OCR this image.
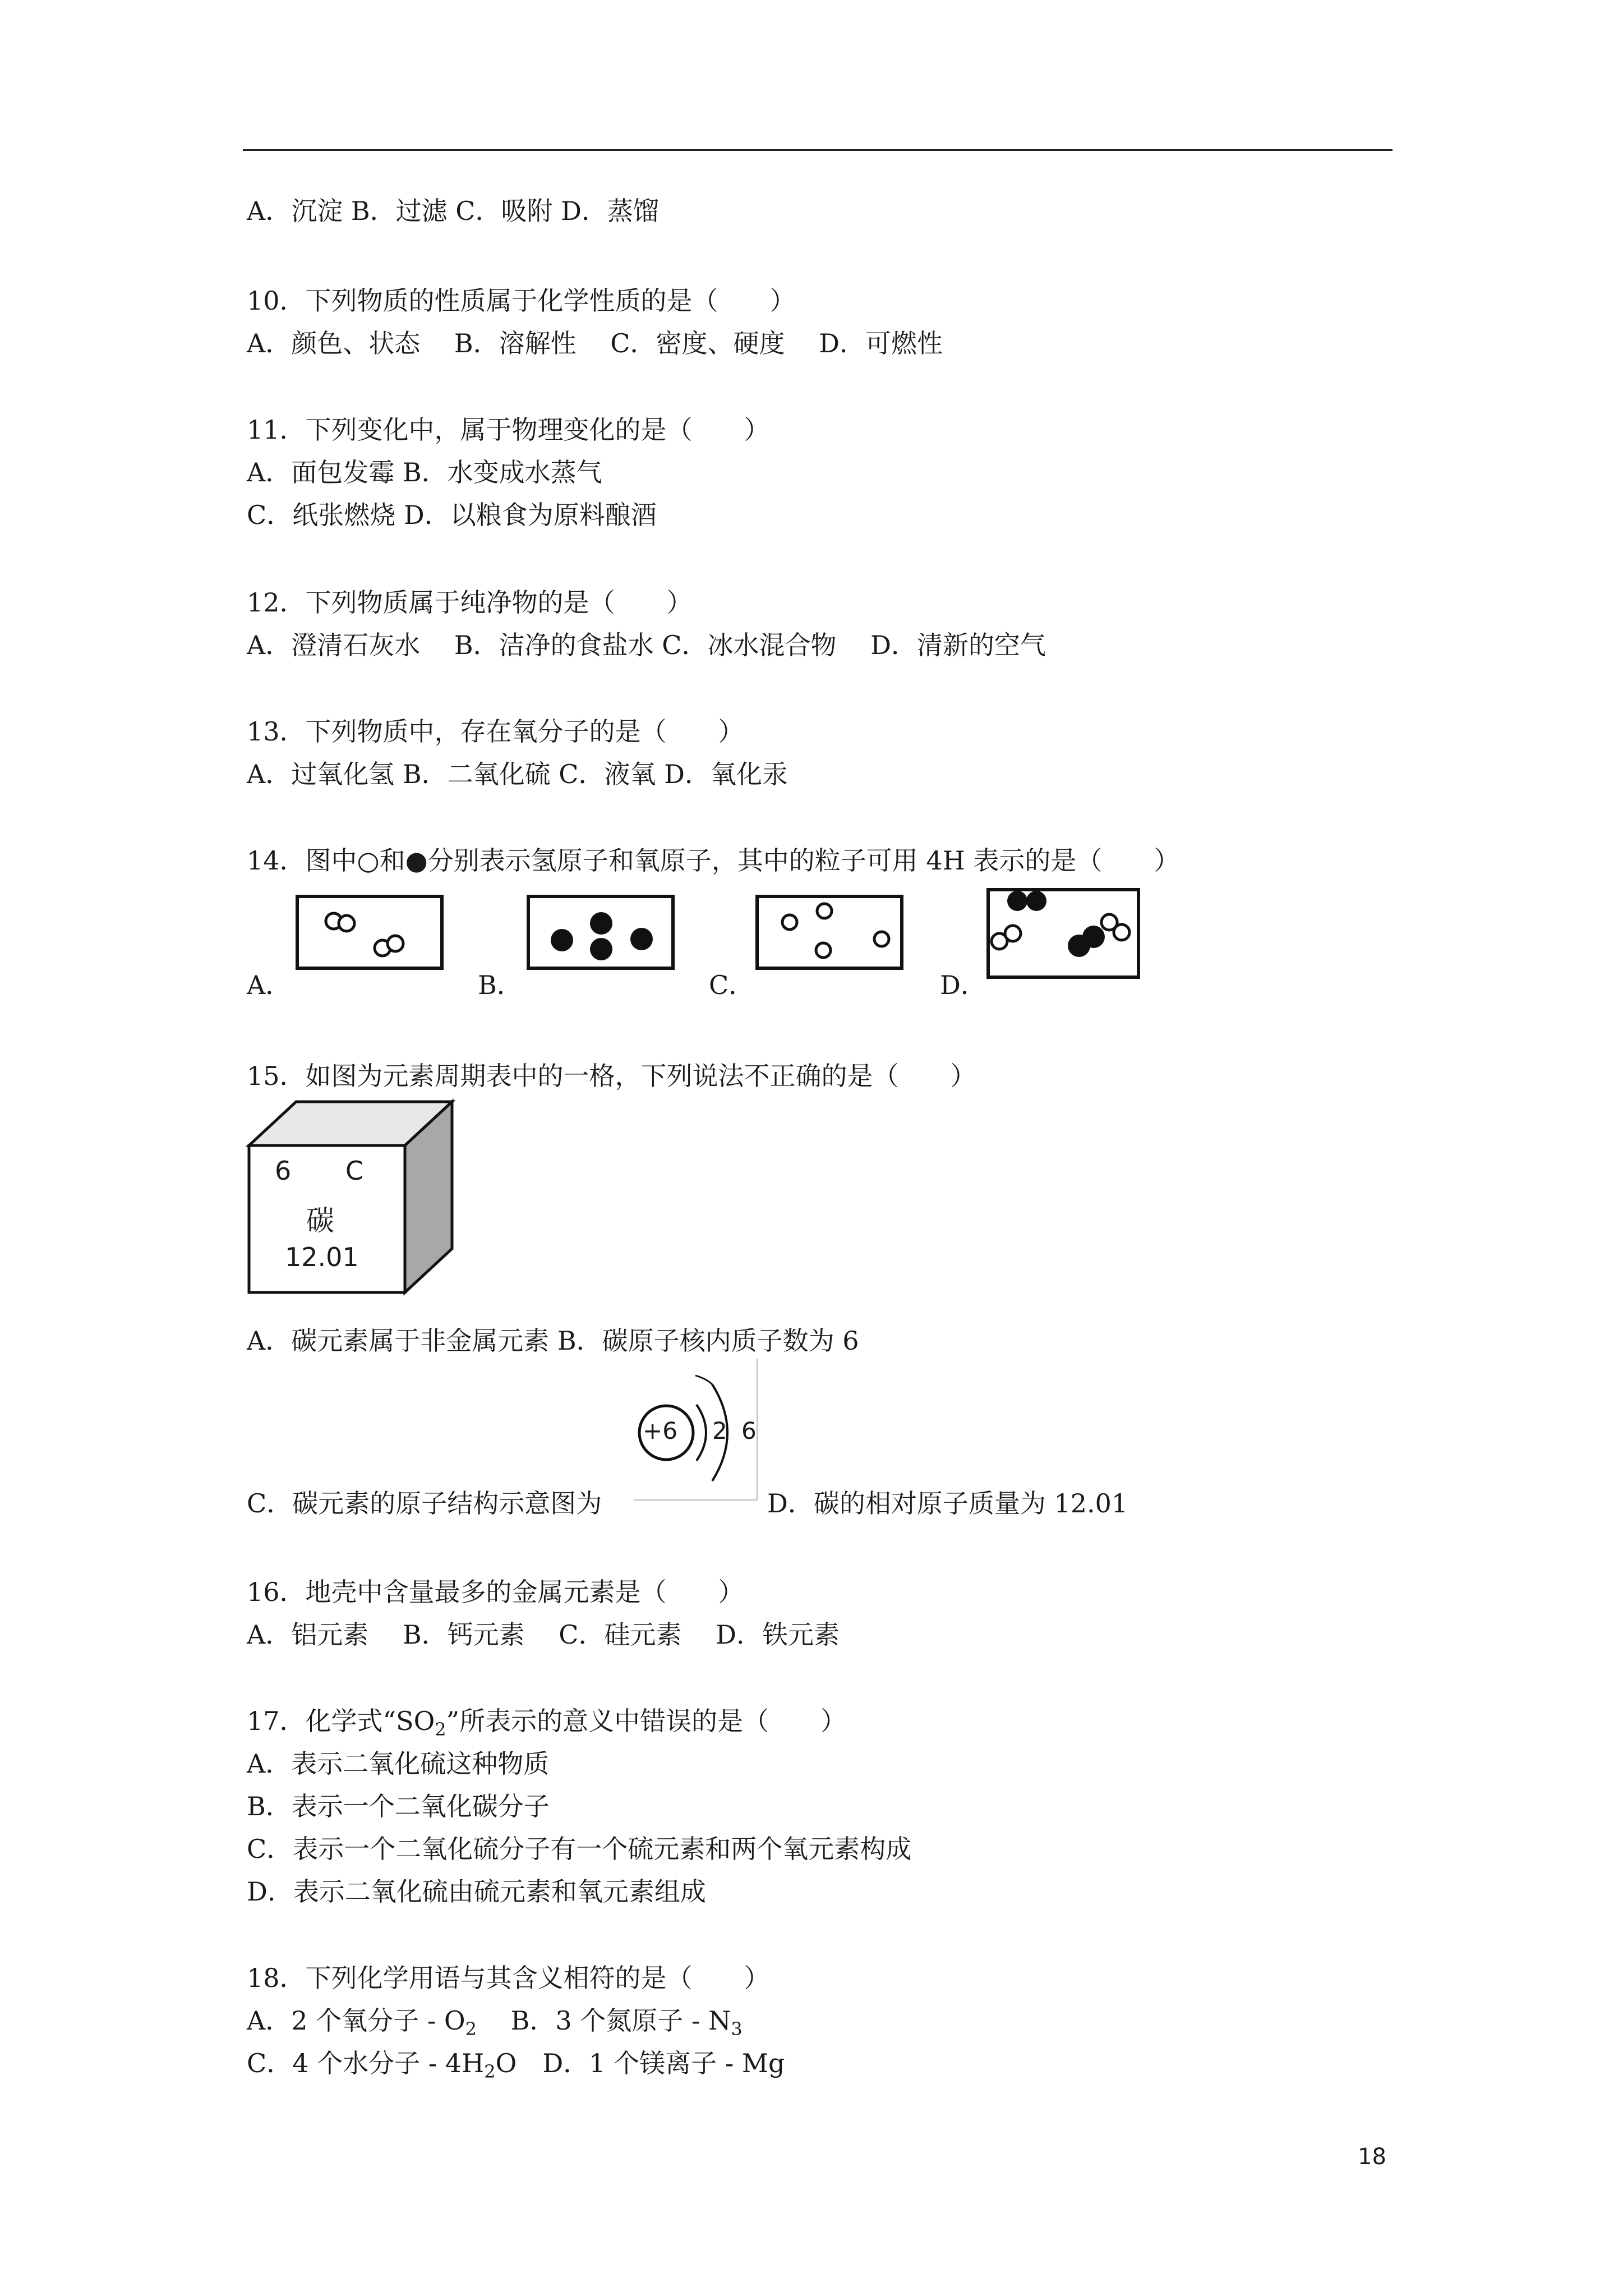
A．沉淀 B．过滤 C．吸附 D．蒸馏
10．下列物质的性质属于化学性质的是（　　）
A．颜色、状态　 B．溶解性　 C．密度、硬度　 D．可燃性
11．下列变化中，属于物理变化的是（　　）
A．面包发霉 B．水变成水蒸气
C．纸张燃烧 D．以粮食为原料酿酒
12．下列物质属于纯净物的是（　　）
A．澄清石灰水　 B．洁净的食盐水 C．冰水混合物　 D．清新的空气
13．下列物质中，存在氧分子的是（　　）
A．过氧化氢 B．二氧化硫 C．液氧 D．氧化汞
14．图中○和●分别表示氢原子和氧原子，其中的粒子可用 4H 表示的是（　　）
A．	B．	C．	D．
15．如图为元素周期表中的一格，下列说法不正确的是（　　）
6 C
碳
12.01
A．碳元素属于非金属元素 B．碳原子核内质子数为 6
+6 2 6
C．碳元素的原子结构示意图为	D．碳的相对原子质量为 12.01
16．地壳中含量最多的金属元素是（　　）
A．铝元素　 B．钙元素　 C．硅元素　 D．铁元素
17．化学式“$SO_2$”所表示的意义中错误的是（　　）
A．表示二氧化硫这种物质
B．表示一个二氧化碳分子
C．表示一个二氧化硫分子有一个硫元素和两个氧元素构成
D．表示二氧化硫由硫元素和氧元素组成
18．下列化学用语与其含义相符的是（　　）
A．2 个氧分子 - $O_2$　 B．3 个氮原子 - $N_3$
C．4 个水分子 - $4H_2O$　D．1 个镁离子 - Mg
18
